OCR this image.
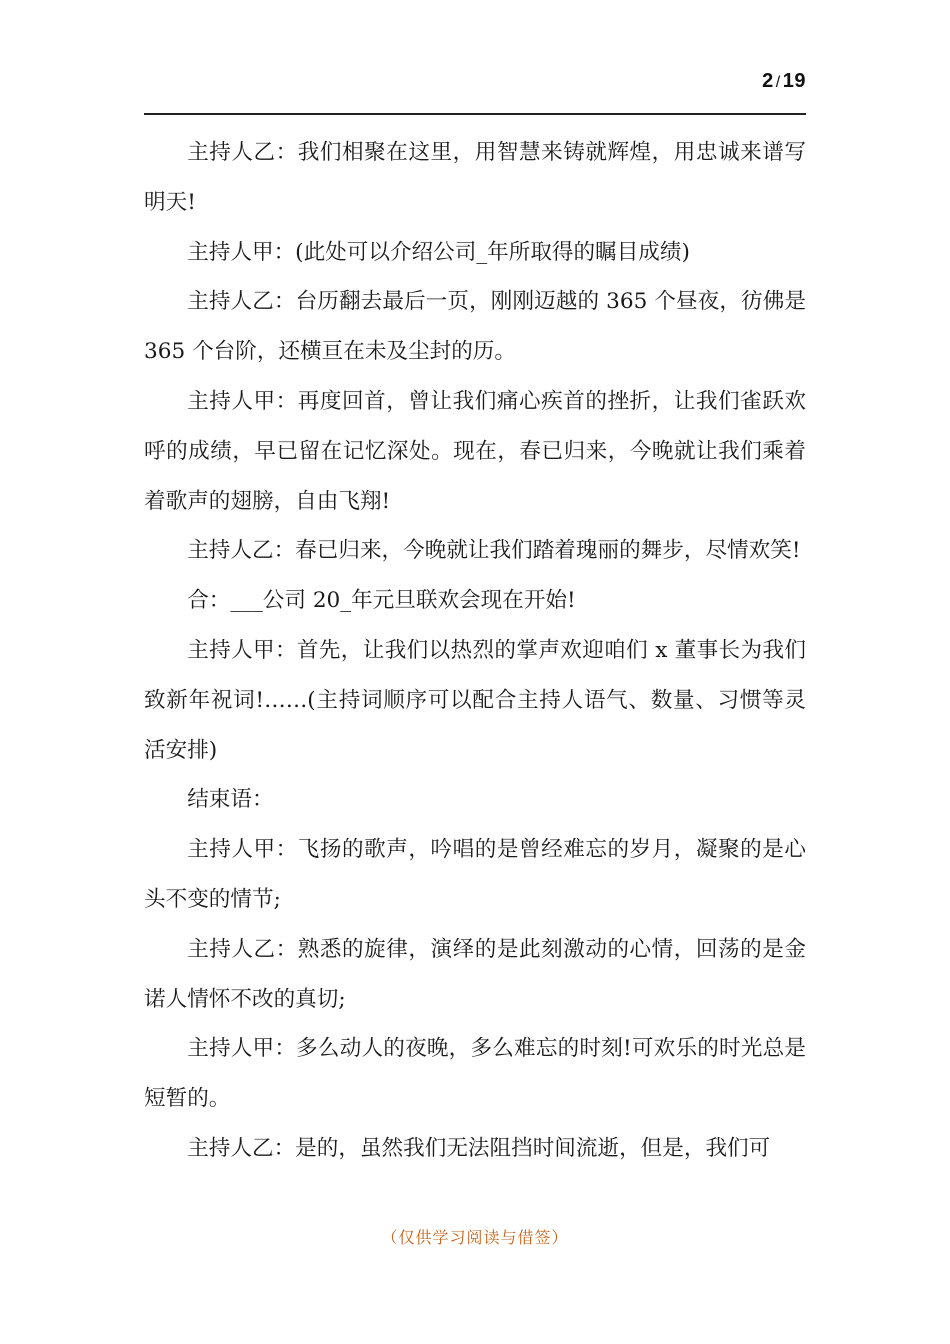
2 / 19

主持人乙：我们相聚在这里，用智慧来铸就辉煌，用忠诚来谱写明天!

主持人甲：(此处可以介绍公司_年所取得的瞩目成绩)

主持人乙：台历翻去最后一页，刚刚迈越的 365 个昼夜，彷佛是 365 个台阶，还横亘在未及尘封的历。

主持人甲：再度回首，曾让我们痛心疾首的挫折，让我们雀跃欢呼的成绩，早已留在记忆深处。现在，春已归来，今晚就让我们乘着着歌声的翅膀，自由飞翔!

主持人乙：春已归来，今晚就让我们踏着瑰丽的舞步，尽情欢笑!

合：___公司 20_年元旦联欢会现在开始!

主持人甲：首先，让我们以热烈的掌声欢迎咱们 x 董事长为我们致新年祝词!……(主持词顺序可以配合主持人语气、数量、习惯等灵活安排)

结束语：

主持人甲：飞扬的歌声，吟唱的是曾经难忘的岁月，凝聚的是心头不变的情节;

主持人乙：熟悉的旋律，演绎的是此刻激动的心情，回荡的是金诺人情怀不改的真切;

主持人甲：多么动人的夜晚，多么难忘的时刻!可欢乐的时光总是短暂的。

主持人乙：是的，虽然我们无法阻挡时间流逝，但是，我们可

（仅供学习阅读与借签）
